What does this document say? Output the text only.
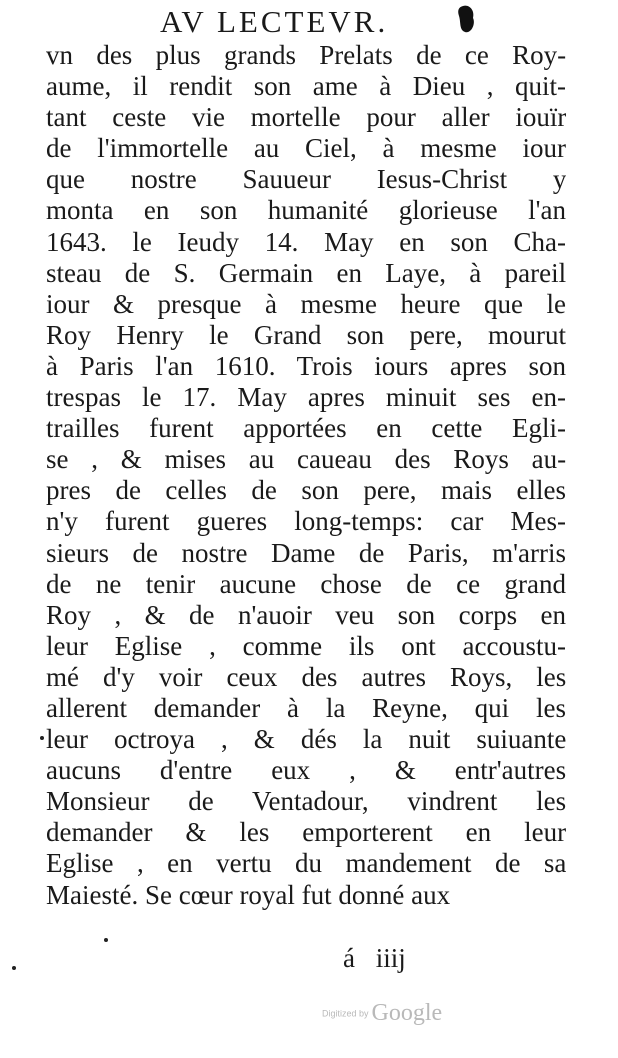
AV LECTEVR.
vn des plus grands Prelats de ce Roy-
aume, il rendit son ame à Dieu , quit-
tant ceste vie mortelle pour aller iouïr
de l'immortelle au Ciel, à mesme iour
que nostre Sauueur Iesus-Christ y
monta en son humanité glorieuse l'an
1643. le Ieudy 14. May en son Cha-
steau de S. Germain en Laye, à pareil
iour & presque à mesme heure que le
Roy Henry le Grand son pere, mourut
à Paris l'an 1610. Trois iours apres son
trespas le 17. May apres minuit ses en-
trailles furent apportées en cette Egli-
se , & mises au caueau des Roys au-
pres de celles de son pere, mais elles
n'y furent gueres long-temps: car Mes-
sieurs de nostre Dame de Paris, m'arris
de ne tenir aucune chose de ce grand
Roy , & de n'auoir veu son corps en
leur Eglise , comme ils ont accoustu-
mé d'y voir ceux des autres Roys, les
allerent demander à la Reyne, qui les
leur octroya , & dés la nuit suiuante
aucuns d'entre eux , & entr'autres
Monsieur de Ventadour, vindrent les
demander & les emporterent en leur
Eglise , en vertu du mandement de sa
Maiesté. Se cœur royal fut donné aux
á iiij
Digitized by Google
